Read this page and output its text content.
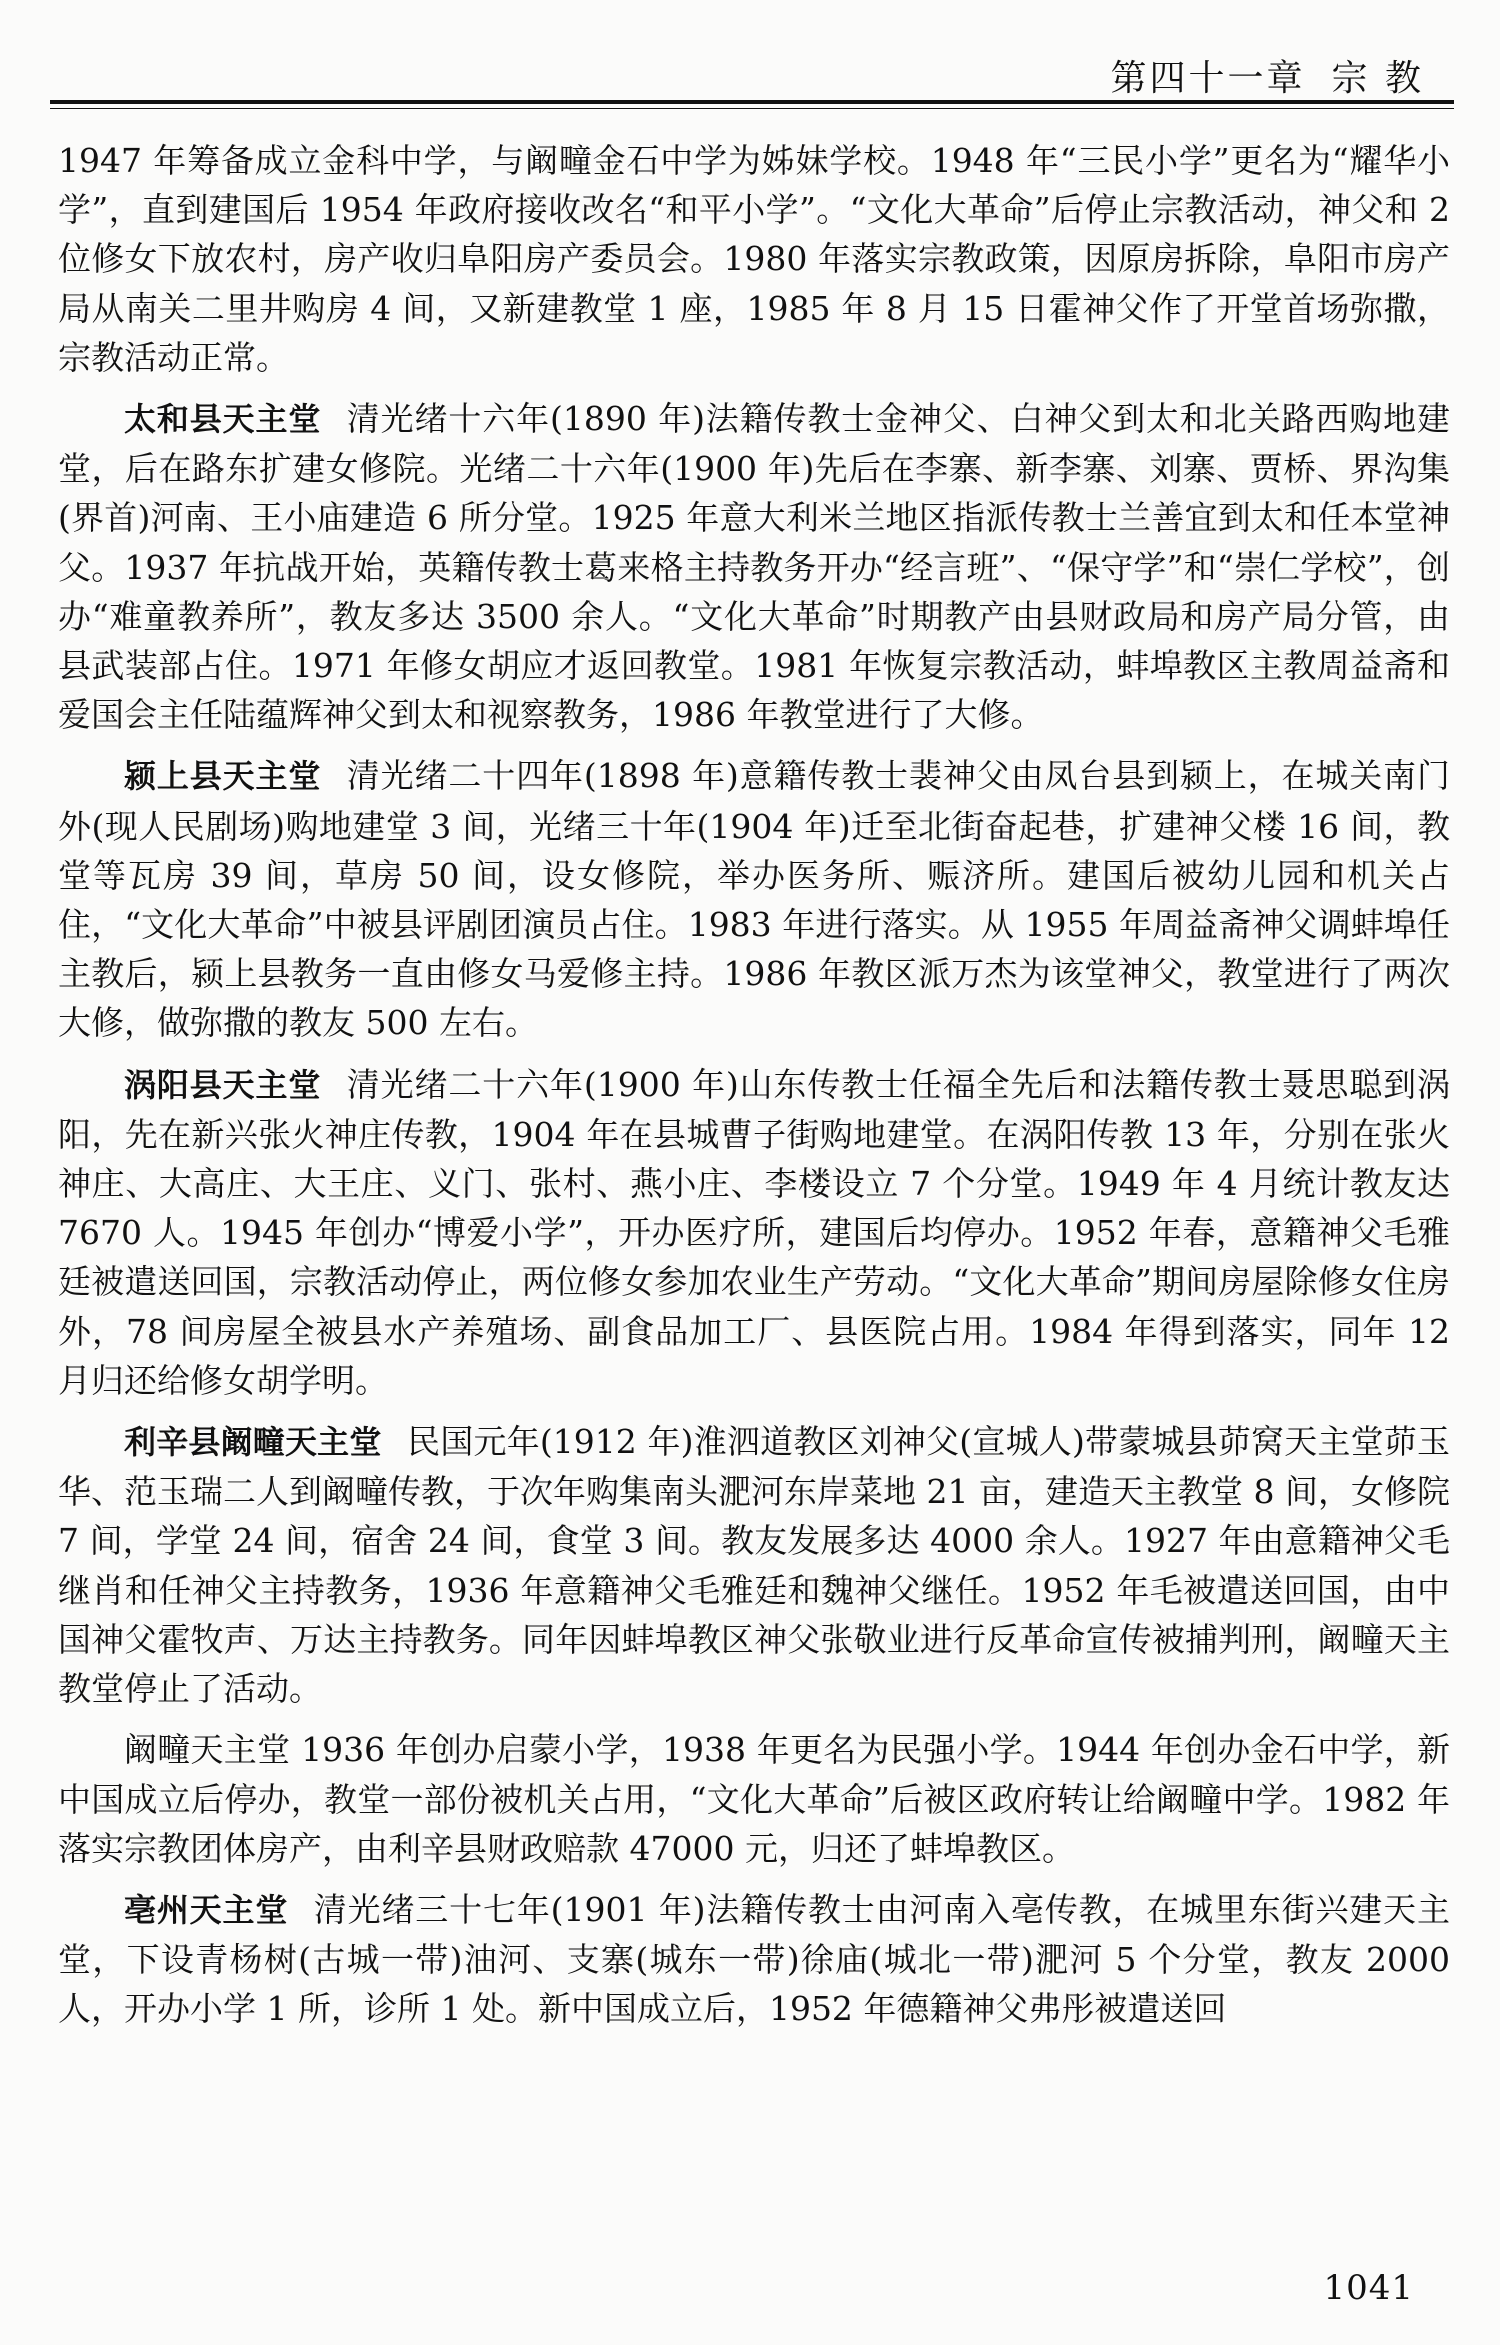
第四十一章 宗 教

1947 年筹备成立金科中学，与阚疃金石中学为姊妹学校。1948 年“三民小学”更名为“耀华小学”，直到建国后 1954 年政府接收改名“和平小学”。“文化大革命”后停止宗教活动，神父和 2 位修女下放农村，房产收归阜阳房产委员会。1980 年落实宗教政策，因原房拆除，阜阳市房产局从南关二里井购房 4 间，又新建教堂 1 座，1985 年 8 月 15 日霍神父作了开堂首场弥撒，宗教活动正常。

太和县天主堂 清光绪十六年(1890 年)法籍传教士金神父、白神父到太和北关路西购地建堂，后在路东扩建女修院。光绪二十六年(1900 年)先后在李寨、新李寨、刘寨、贾桥、界沟集(界首)河南、王小庙建造 6 所分堂。1925 年意大利米兰地区指派传教士兰善宜到太和任本堂神父。1937 年抗战开始，英籍传教士葛来格主持教务开办“经言班”、“保守学”和“崇仁学校”，创办“难童教养所”，教友多达 3500 余人。“文化大革命”时期教产由县财政局和房产局分管，由县武装部占住。1971 年修女胡应才返回教堂。1981 年恢复宗教活动，蚌埠教区主教周益斋和爱国会主任陆蕴辉神父到太和视察教务，1986 年教堂进行了大修。

颍上县天主堂 清光绪二十四年(1898 年)意籍传教士裴神父由凤台县到颍上，在城关南门外(现人民剧场)购地建堂 3 间，光绪三十年(1904 年)迁至北街奋起巷，扩建神父楼 16 间，教堂等瓦房 39 间，草房 50 间，设女修院，举办医务所、赈济所。建国后被幼儿园和机关占住，“文化大革命”中被县评剧团演员占住。1983 年进行落实。从 1955 年周益斋神父调蚌埠任主教后，颍上县教务一直由修女马爱修主持。1986 年教区派万杰为该堂神父，教堂进行了两次大修，做弥撒的教友 500 左右。

涡阳县天主堂 清光绪二十六年(1900 年)山东传教士任福全先后和法籍传教士聂思聪到涡阳，先在新兴张火神庄传教，1904 年在县城曹子街购地建堂。在涡阳传教 13 年，分别在张火神庄、大高庄、大王庄、义门、张村、燕小庄、李楼设立 7 个分堂。1949 年 4 月统计教友达 7670 人。1945 年创办“博爱小学”，开办医疗所，建国后均停办。1952 年春，意籍神父毛雅廷被遣送回国，宗教活动停止，两位修女参加农业生产劳动。“文化大革命”期间房屋除修女住房外，78 间房屋全被县水产养殖场、副食品加工厂、县医院占用。1984 年得到落实，同年 12 月归还给修女胡学明。

利辛县阚疃天主堂 民国元年(1912 年)淮泗道教区刘神父(宣城人)带蒙城县茆窝天主堂茆玉华、范玉瑞二人到阚疃传教，于次年购集南头淝河东岸菜地 21 亩，建造天主教堂 8 间，女修院 7 间，学堂 24 间，宿舍 24 间，食堂 3 间。教友发展多达 4000 余人。1927 年由意籍神父毛继肖和任神父主持教务，1936 年意籍神父毛雅廷和魏神父继任。1952 年毛被遣送回国，由中国神父霍牧声、万达主持教务。同年因蚌埠教区神父张敬业进行反革命宣传被捕判刑，阚疃天主教堂停止了活动。

阚疃天主堂 1936 年创办启蒙小学，1938 年更名为民强小学。1944 年创办金石中学，新中国成立后停办，教堂一部份被机关占用，“文化大革命”后被区政府转让给阚疃中学。1982 年落实宗教团体房产，由利辛县财政赔款 47000 元，归还了蚌埠教区。

亳州天主堂 清光绪三十七年(1901 年)法籍传教士由河南入亳传教，在城里东街兴建天主堂，下设青杨树(古城一带)油河、支寨(城东一带)徐庙(城北一带)淝河 5 个分堂，教友 2000 人，开办小学 1 所，诊所 1 处。新中国成立后，1952 年德籍神父弗彤被遣送回

1041
